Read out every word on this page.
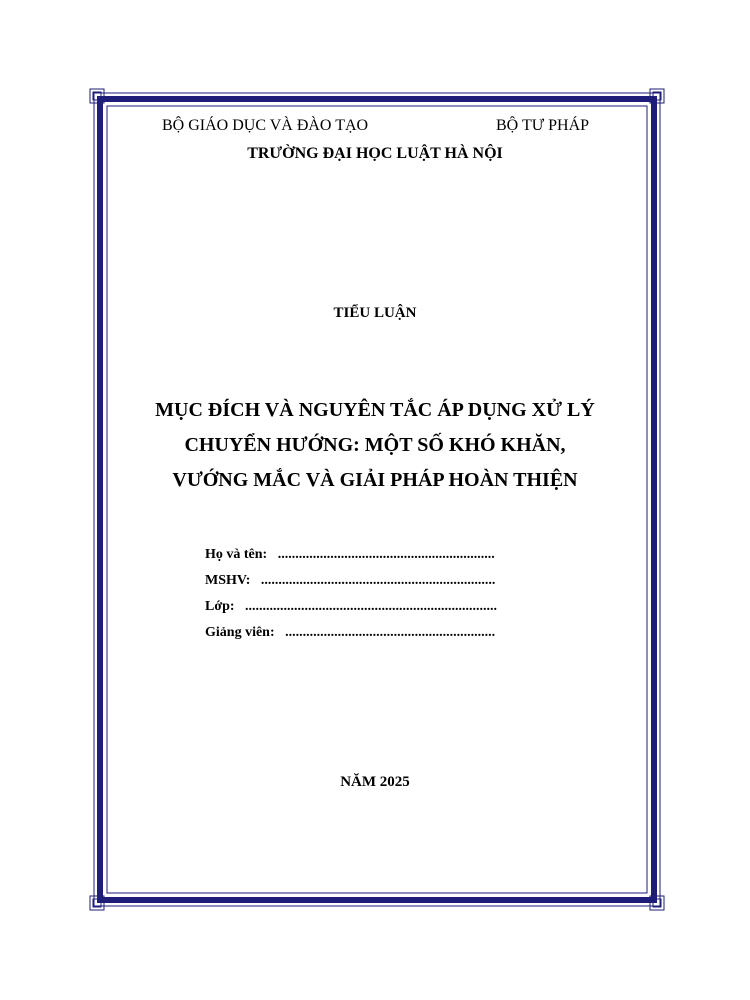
BỘ GIÁO DỤC VÀ ĐÀO TẠO	BỘ TƯ PHÁP
TRƯỜNG ĐẠI HỌC LUẬT HÀ NỘI
TIỂU LUẬN
MỤC ĐÍCH VÀ NGUYÊN TẮC ÁP DỤNG XỬ LÝ
CHUYỂN HƯỚNG: MỘT SỐ KHÓ KHĂN,
VƯỚNG MẮC VÀ GIẢI PHÁP HOÀN THIỆN
Họ và tên:   ..............................................................
MSHV:   ...................................................................
Lớp:   ........................................................................
Giảng viên:   ............................................................
NĂM 2025
